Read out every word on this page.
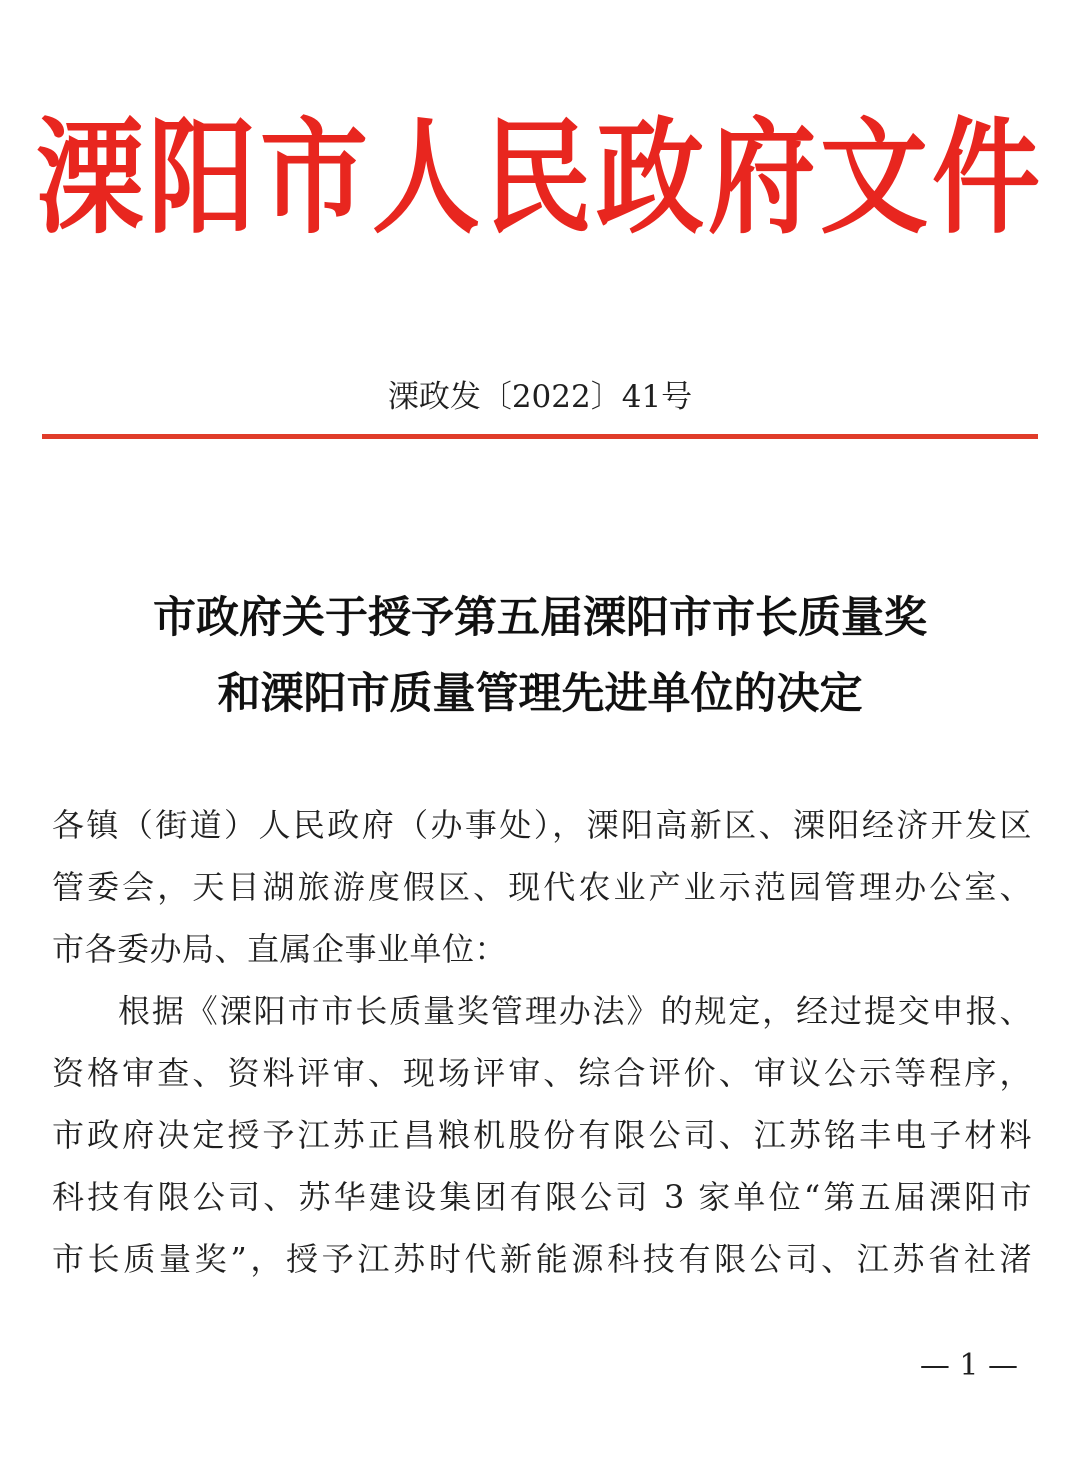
溧阳市人民政府文件
溧政发〔2022〕41号
市政府关于授予第五届溧阳市市长质量奖
和溧阳市质量管理先进单位的决定
各镇（街道）人民政府（办事处），溧阳高新区、溧阳经济开发区
管委会，天目湖旅游度假区、现代农业产业示范园管理办公室、
市各委办局、直属企事业单位：
根据《溧阳市市长质量奖管理办法》的规定，经过提交申报、
资格审查、资料评审、现场评审、综合评价、审议公示等程序，
市政府决定授予江苏正昌粮机股份有限公司、江苏铭丰电子材料
科技有限公司、苏华建设集团有限公司 3 家单位“第五届溧阳市
市长质量奖”，授予江苏时代新能源科技有限公司、江苏省社渚
— 1 —
